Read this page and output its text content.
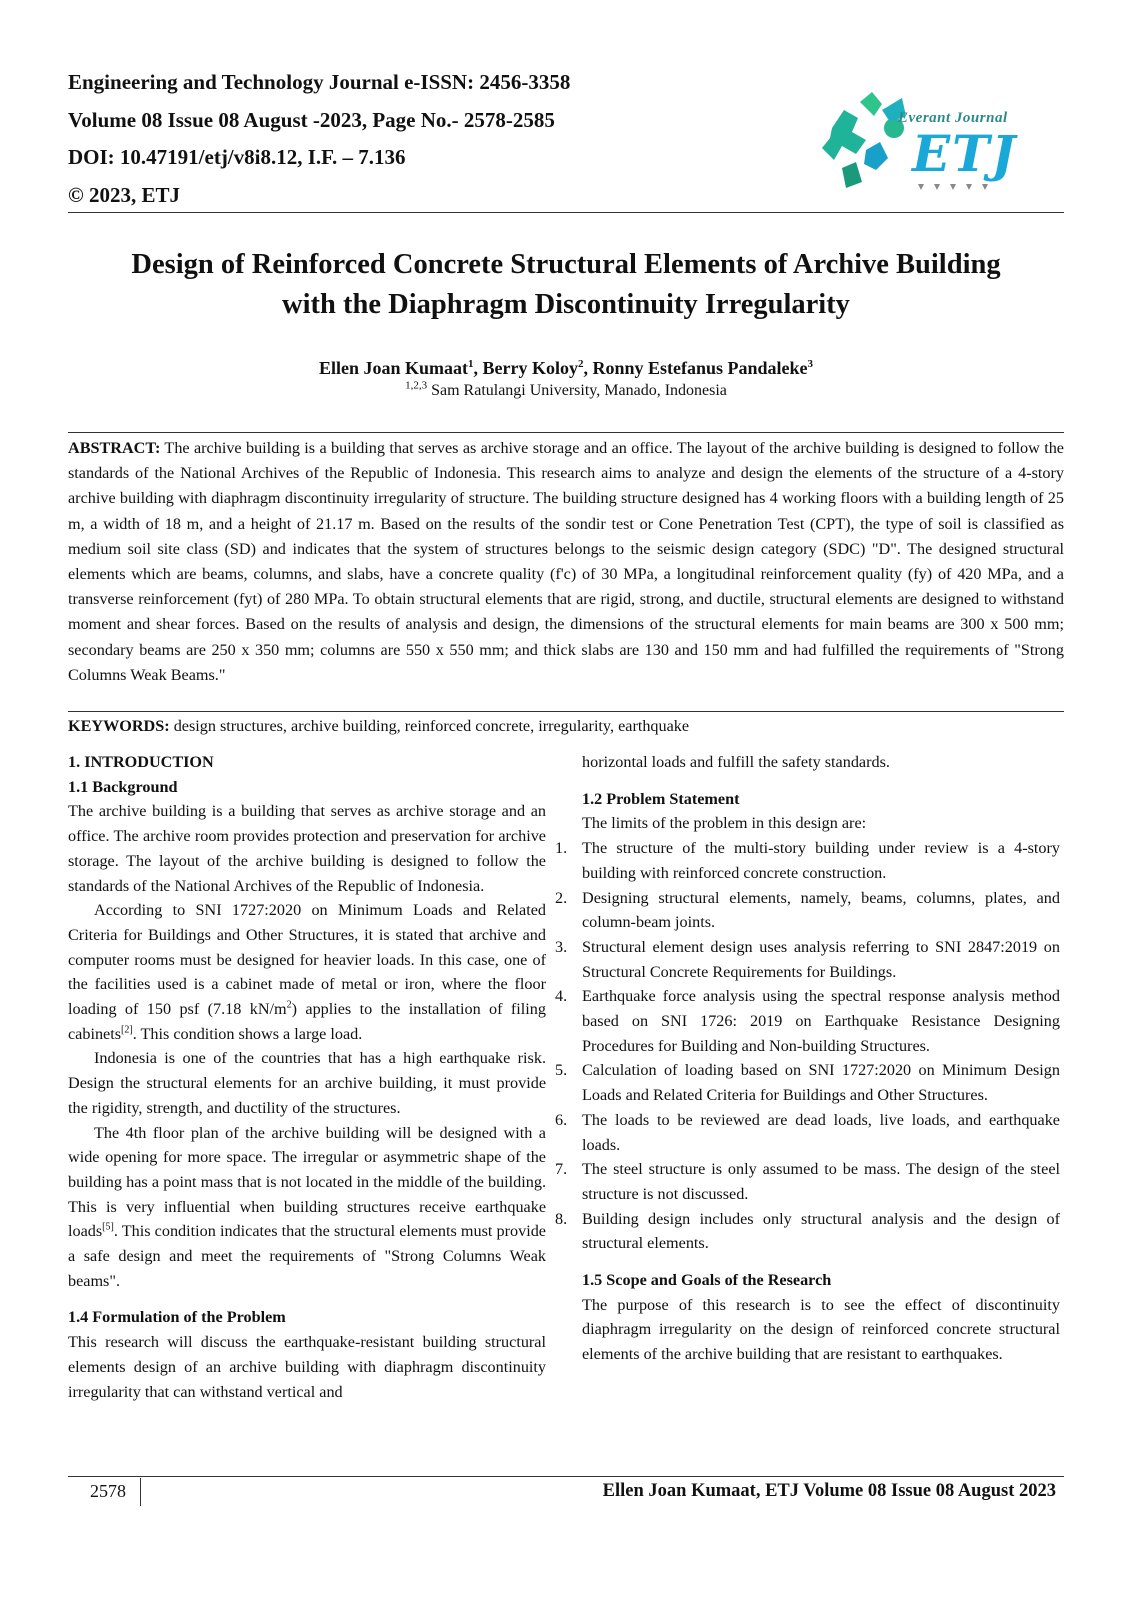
Engineering and Technology Journal e-ISSN: 2456-3358

Volume 08 Issue 08 August -2023, Page No.- 2578-2585

DOI: 10.47191/etj/v8i8.12, I.F. – 7.136

© 2023, ETJ

Everant Journal
ETJ
Design of Reinforced Concrete Structural Elements of Archive Building
with the Diaphragm Discontinuity Irregularity
Ellen Joan Kumaat$^1$, Berry Koloy$^2$, Ronny Estefanus Pandaleke$^3$
$^{1,2,3}$ Sam Ratulangi University, Manado, Indonesia

ABSTRACT: The archive building is a building that serves as archive storage and an office. The layout of the archive building is designed to follow the standards of the National Archives of the Republic of Indonesia. This research aims to analyze and design the elements of the structure of a 4-story archive building with diaphragm discontinuity irregularity of structure. The building structure designed has 4 working floors with a building length of 25 m, a width of 18 m, and a height of 21.17 m. Based on the results of the sondir test or Cone Penetration Test (CPT), the type of soil is classified as medium soil site class (SD) and indicates that the system of structures belongs to the seismic design category (SDC) "D". The designed structural elements which are beams, columns, and slabs, have a concrete quality (f'c) of 30 MPa, a longitudinal reinforcement quality (fy) of 420 MPa, and a transverse reinforcement (fyt) of 280 MPa. To obtain structural elements that are rigid, strong, and ductile, structural elements are designed to withstand moment and shear forces. Based on the results of analysis and design, the dimensions of the structural elements for main beams are 300 x 500 mm; secondary beams are 250 x 350 mm; columns are 550 x 550 mm; and thick slabs are 130 and 150 mm and had fulfilled the requirements of "Strong Columns Weak Beams."

KEYWORDS: design structures, archive building, reinforced concrete, irregularity, earthquake

1. INTRODUCTION

1.1 Background

The archive building is a building that serves as archive storage and an office. The archive room provides protection and preservation for archive storage. The layout of the archive building is designed to follow the standards of the National Archives of the Republic of Indonesia.

According to SNI 1727:2020 on Minimum Loads and Related Criteria for Buildings and Other Structures, it is stated that archive and computer rooms must be designed for heavier loads. In this case, one of the facilities used is a cabinet made of metal or iron, where the floor loading of 150 psf (7.18 $kN/m^2$) applies to the installation of filing cabinets[2]. This condition shows a large load.

Indonesia is one of the countries that has a high earthquake risk. Design the structural elements for an archive building, it must provide the rigidity, strength, and ductility of the structures.

The 4th floor plan of the archive building will be designed with a wide opening for more space. The irregular or asymmetric shape of the building has a point mass that is not located in the middle of the building. This is very influential when building structures receive earthquake loads[5]. This condition indicates that the structural elements must provide a safe design and meet the requirements of "Strong Columns Weak beams".

1.4 Formulation of the Problem

This research will discuss the earthquake-resistant building structural elements design of an archive building with diaphragm discontinuity irregularity that can withstand vertical and

horizontal loads and fulfill the safety standards.

1.2 Problem Statement

The limits of the problem in this design are:

1. The structure of the multi-story building under review is a 4-story building with reinforced concrete construction.
2. Designing structural elements, namely, beams, columns, plates, and column-beam joints.
3. Structural element design uses analysis referring to SNI 2847:2019 on Structural Concrete Requirements for Buildings.
4. Earthquake force analysis using the spectral response analysis method based on SNI 1726: 2019 on Earthquake Resistance Designing Procedures for Building and Non-building Structures.
5. Calculation of loading based on SNI 1727:2020 on Minimum Design Loads and Related Criteria for Buildings and Other Structures.
6. The loads to be reviewed are dead loads, live loads, and earthquake loads.
7. The steel structure is only assumed to be mass. The design of the steel structure is not discussed.
8. Building design includes only structural analysis and the design of structural elements.

1.5 Scope and Goals of the Research

The purpose of this research is to see the effect of discontinuity diaphragm irregularity on the design of reinforced concrete structural elements of the archive building that are resistant to earthquakes.

2578	Ellen Joan Kumaat, ETJ Volume 08 Issue 08 August 2023
